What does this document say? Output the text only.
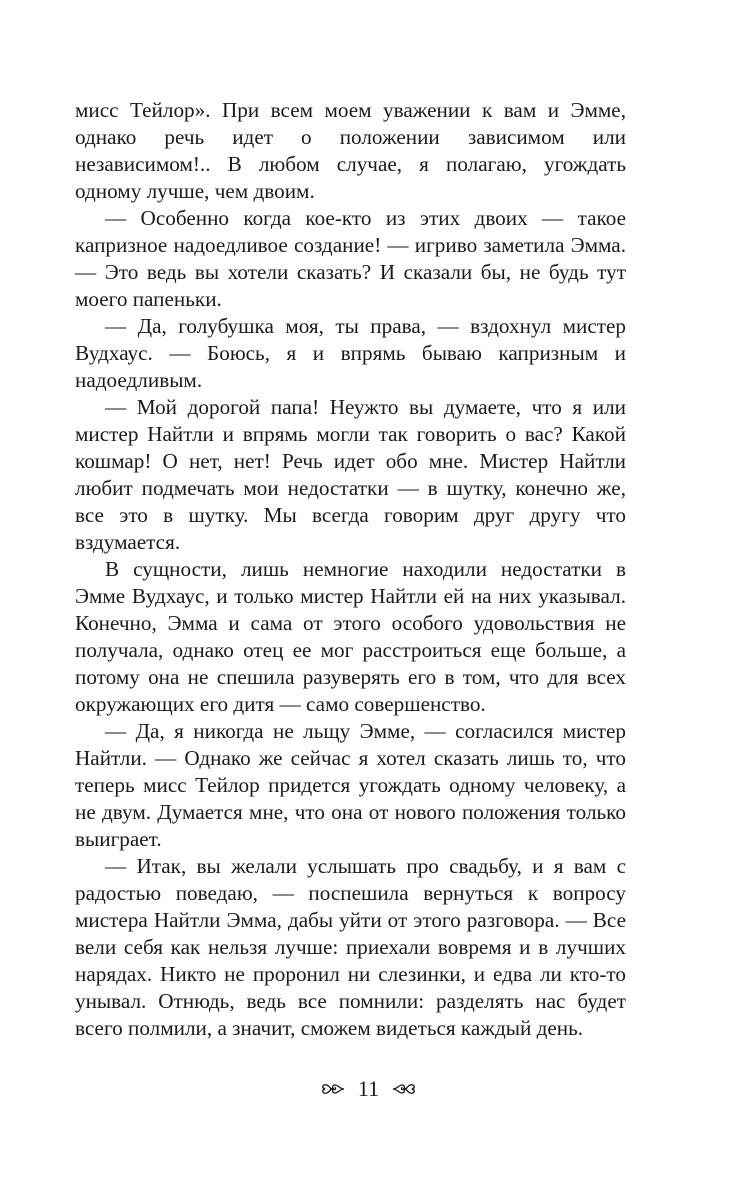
мисс Тейлор». При всем моем уважении к вам и Эмме, однако речь идет о положении зависимом или независимом!.. В любом случае, я полагаю, угождать одному лучше, чем двоим.

— Особенно когда кое-кто из этих двоих — такое капризное надоедливое создание! — игриво заметила Эмма. — Это ведь вы хотели сказать? И сказали бы, не будь тут моего папеньки.

— Да, голубушка моя, ты права, — вздохнул мистер Вудхаус. — Боюсь, я и впрямь бываю капризным и надоедливым.

— Мой дорогой папа! Неужто вы думаете, что я или мистер Найтли и впрямь могли так говорить о вас? Какой кошмар! О нет, нет! Речь идет обо мне. Мистер Найтли любит подмечать мои недостатки — в шутку, конечно же, все это в шутку. Мы всегда говорим друг другу что вздумается.

В сущности, лишь немногие находили недостатки в Эмме Вудхаус, и только мистер Найтли ей на них указывал. Конечно, Эмма и сама от этого особого удовольствия не получала, однако отец ее мог расстроиться еще больше, а потому она не спешила разуверять его в том, что для всех окружающих его дитя — само совершенство.

— Да, я никогда не льщу Эмме, — согласился мистер Найтли. — Однако же сейчас я хотел сказать лишь то, что теперь мисс Тейлор придется угождать одному человеку, а не двум. Думается мне, что она от нового положения только выиграет.

— Итак, вы желали услышать про свадьбу, и я вам с радостью поведаю, — поспешила вернуться к вопросу мистера Найтли Эмма, дабы уйти от этого разговора. — Все вели себя как нельзя лучше: приехали вовремя и в лучших нарядах. Никто не проронил ни слезинки, и едва ли кто-то унывал. Отнюдь, ведь все помнили: разделять нас будет всего полмили, а значит, сможем видеться каждый день.

11
